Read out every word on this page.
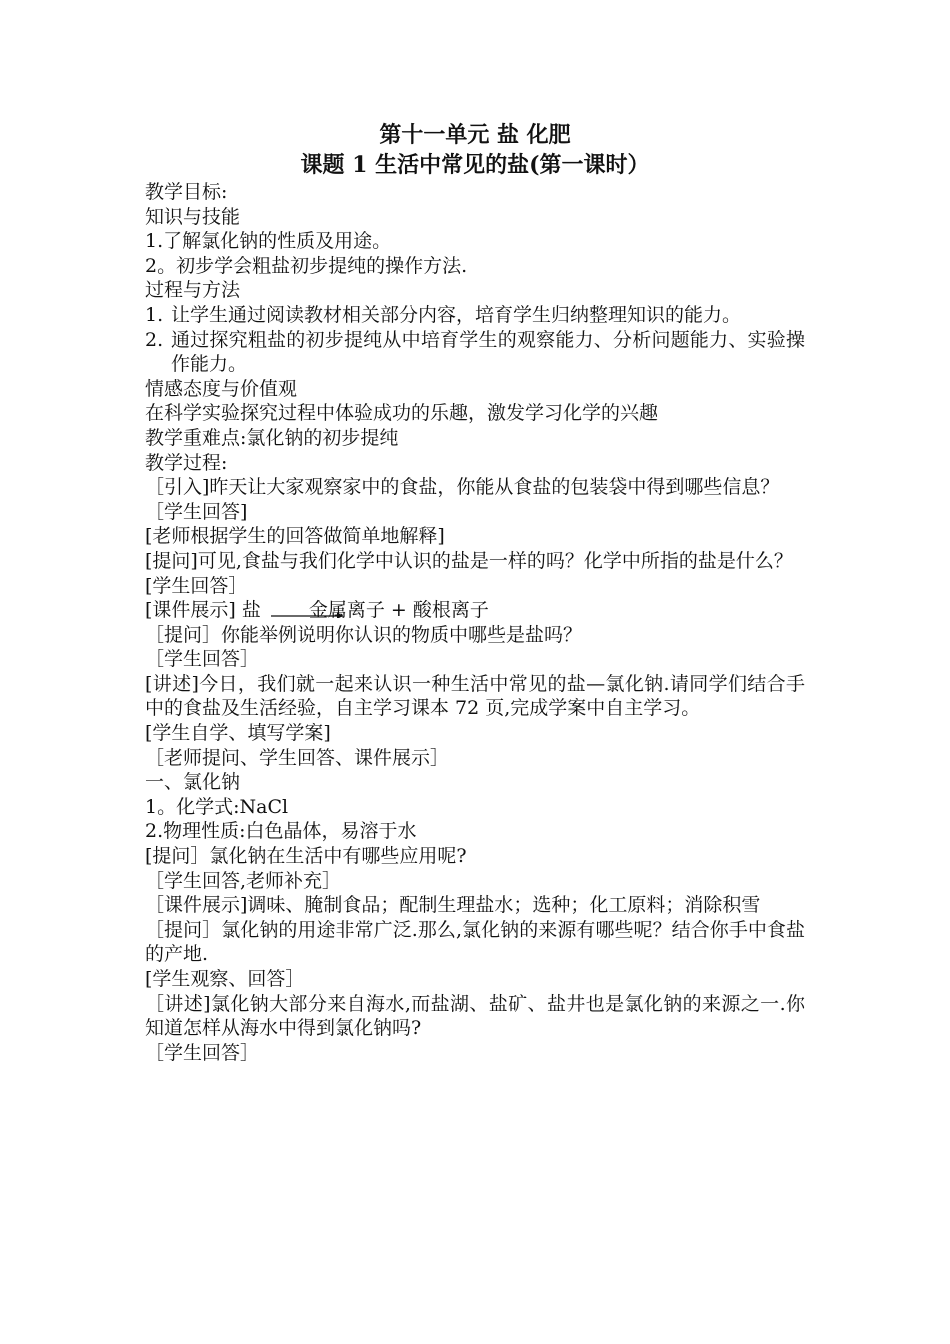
第十一单元 盐 化肥
课题 1 生活中常见的盐(第一课时）
教学目标:
知识与技能
1.了解氯化钠的性质及用途。
2。初步学会粗盐初步提纯的操作方法.
过程与方法
1. 让学生通过阅读教材相关部分内容，培育学生归纳整理知识的能力。
2. 通过探究粗盐的初步提纯从中培育学生的观察能力、分析问题能力、实验操作能力。
情感态度与价值观
在科学实验探究过程中体验成功的乐趣，激发学习化学的兴趣
教学重难点:氯化钠的初步提纯
教学过程:
［引入]昨天让大家观察家中的食盐，你能从食盐的包装袋中得到哪些信息？
［学生回答]
[老师根据学生的回答做简单地解释]
[提问]可见,食盐与我们化学中认识的盐是一样的吗？化学中所指的盐是什么？
[学生回答］
[课件展示] 盐	金属离子 + 酸根离子
［提问］你能举例说明你认识的物质中哪些是盐吗？
［学生回答］
[讲述]今日，我们就一起来认识一种生活中常见的盐—氯化钠.请同学们结合手中的食盐及生活经验，自主学习课本 72 页,完成学案中自主学习。
[学生自学、填写学案]
［老师提问、学生回答、课件展示］
一、氯化钠
1。化学式:NaCl
2.物理性质:白色晶体，易溶于水
[提问］氯化钠在生活中有哪些应用呢?
［学生回答,老师补充］
［课件展示]调味、腌制食品；配制生理盐水；选种；化工原料；消除积雪
［提问］氯化钠的用途非常广泛.那么,氯化钠的来源有哪些呢？结合你手中食盐的产地.
[学生观察、回答］
［讲述]氯化钠大部分来自海水,而盐湖、盐矿、盐井也是氯化钠的来源之一.你知道怎样从海水中得到氯化钠吗?
［学生回答］
